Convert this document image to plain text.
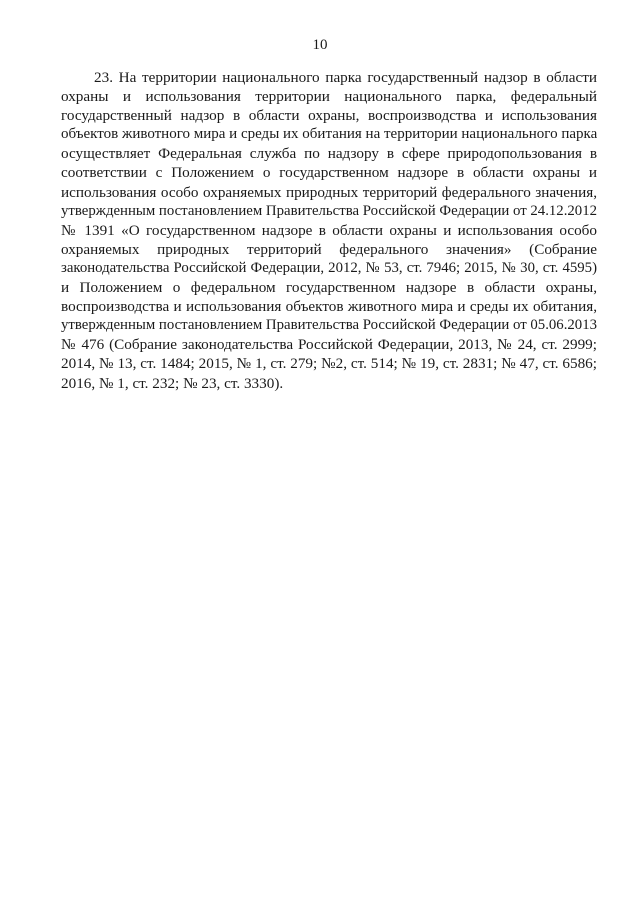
10
23. На территории национального парка государственный надзор в области
охраны и использования территории национального парка, федеральный
государственный надзор в области охраны, воспроизводства и использования
объектов животного мира и среды их обитания на территории национального парка
осуществляет Федеральная служба по надзору в сфере природопользования в
соответствии с Положением о государственном надзоре в области охраны и
использования особо охраняемых природных территорий федерального значения,
утвержденным постановлением Правительства Российской Федерации от 24.12.2012
№ 1391 «О государственном надзоре в области охраны и использования особо
охраняемых природных территорий федерального значения» (Собрание
законодательства Российской Федерации, 2012, № 53, ст. 7946; 2015, № 30, ст. 4595)
и Положением о федеральном государственном надзоре в области охраны,
воспроизводства и использования объектов животного мира и среды их обитания,
утвержденным постановлением Правительства Российской Федерации от 05.06.2013
№ 476 (Собрание законодательства Российской Федерации, 2013, № 24, ст. 2999;
2014, № 13, ст. 1484; 2015, № 1, ст. 279; №2, ст. 514; № 19, ст. 2831; № 47, ст. 6586;
2016, № 1, ст. 232; № 23, ст. 3330).
